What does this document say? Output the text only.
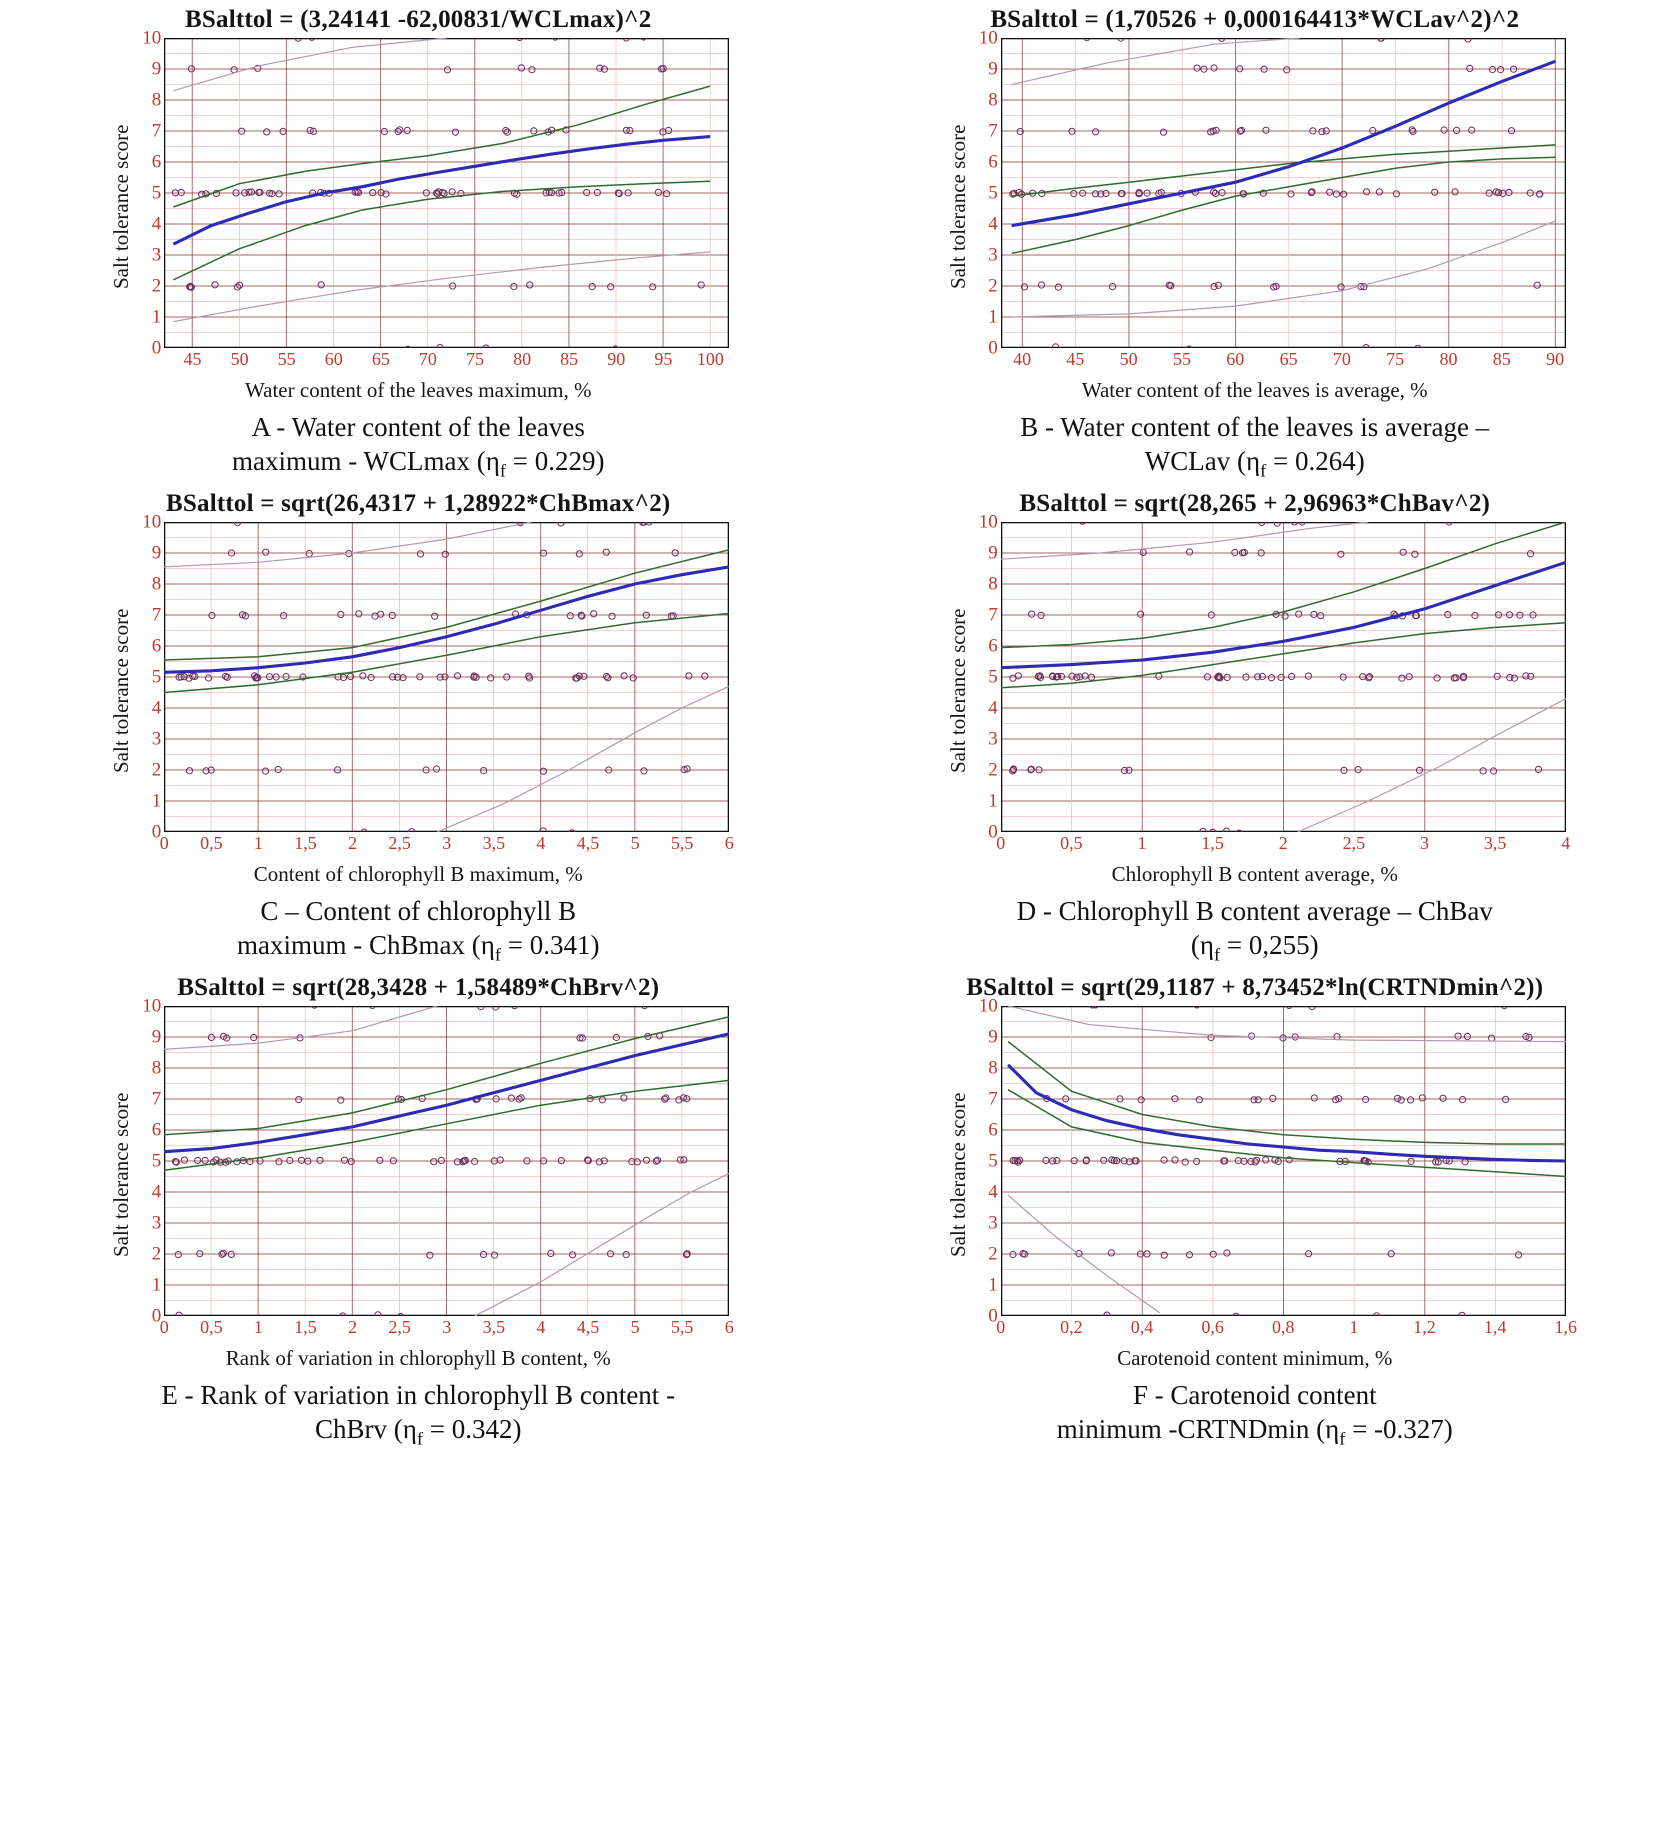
BSalttol = (3,24141 -62,00831/WCLmax)^2
Salt tolerance score
0
1
2
3
4
5
6
7
8
9
10
45 50 55 60 65 70 75 80 85 90 95 100
Water content of the leaves maximum, %
A - Water content of the leaves
maximum - WCLmax $(\eta_f = 0.229)$
BSalttol = (1,70526 + 0,000164413*WCLav^2)^2
Salt tolerance score
0
1
2
3
4
5
6
7
8
9
10
40 45 50 55 60 65 70 75 80 85 90
Water content of the leaves is average, %
B - Water content of the leaves is average –
WCLav $(\eta_f = 0.264)$
BSalttol = sqrt(26,4317 + 1,28922*ChBmax^2)
Salt tolerance score
0
1
2
3
4
5
6
7
8
9
10
0 0,5 1 1,5 2 2,5 3 3,5 4 4,5 5 5,5 6
Content of chlorophyll B maximum, %
C – Content of chlorophyll B
maximum - ChBmax $(\eta_f = 0.341)$
BSalttol = sqrt(28,265 + 2,96963*ChBav^2)
Salt tolerance score
0
1
2
3
4
5
6
7
8
9
10
0	0,5	1	1,5	2	2,5	3	3,5	4
Chlorophyll B content average, %
D - Chlorophyll B content average – ChBav
$(\eta_f = 0,255)$
BSalttol = sqrt(28,3428 + 1,58489*ChBrv^2)
Salt tolerance score
0
1
2
3
4
5
6
7
8
9
10
0 0,5 1 1,5 2 2,5 3 3,5 4 4,5 5 5,5 6
Rank of variation in chlorophyll B content, %
BSalttol = sqrt(29,1187 + 8,73452*ln(CRTNDmin^2))
Salt tolerance score
0
1
2
3
4
5
6
7
8
9
10
0	0,2	0,4	0,6	0,8	1	1,2	1,4	1,6
Carotenoid content minimum, %
E - Rank of variation in chlorophyll B content -
ChBrv $(\eta_f = 0.342)$
F - Carotenoid content
minimum -CRTNDmin $(\eta_f = -0.327)$
